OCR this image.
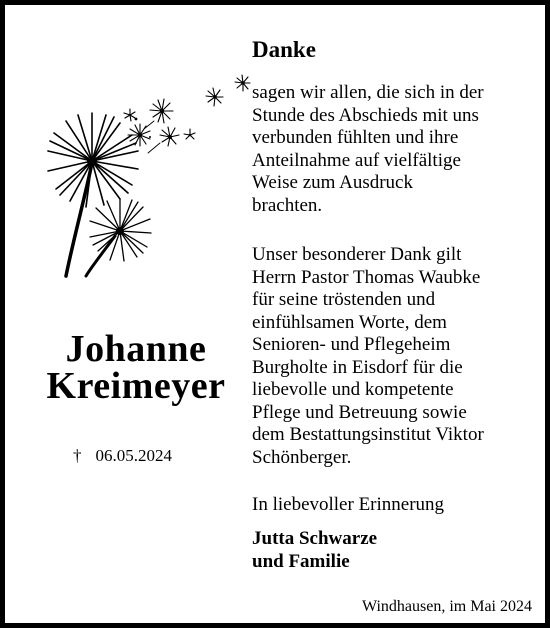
Johanne
Kreimeyer
† 06.05.2024
Danke

sagen wir allen, die sich in der
Stunde des Abschieds mit uns
verbunden fühlten und ihre
Anteilnahme auf vielfältige
Weise zum Ausdruck
brachten.

Unser besonderer Dank gilt
Herrn Pastor Thomas Waubke
für seine tröstenden und
einfühlsamen Worte, dem
Senioren- und Pflegeheim
Burgholte in Eisdorf für die
liebevolle und kompetente
Pflege und Betreuung sowie
dem Bestattungsinstitut Viktor
Schönberger.

In liebevoller Erinnerung
Jutta Schwarze
und Familie
Windhausen, im Mai 2024
